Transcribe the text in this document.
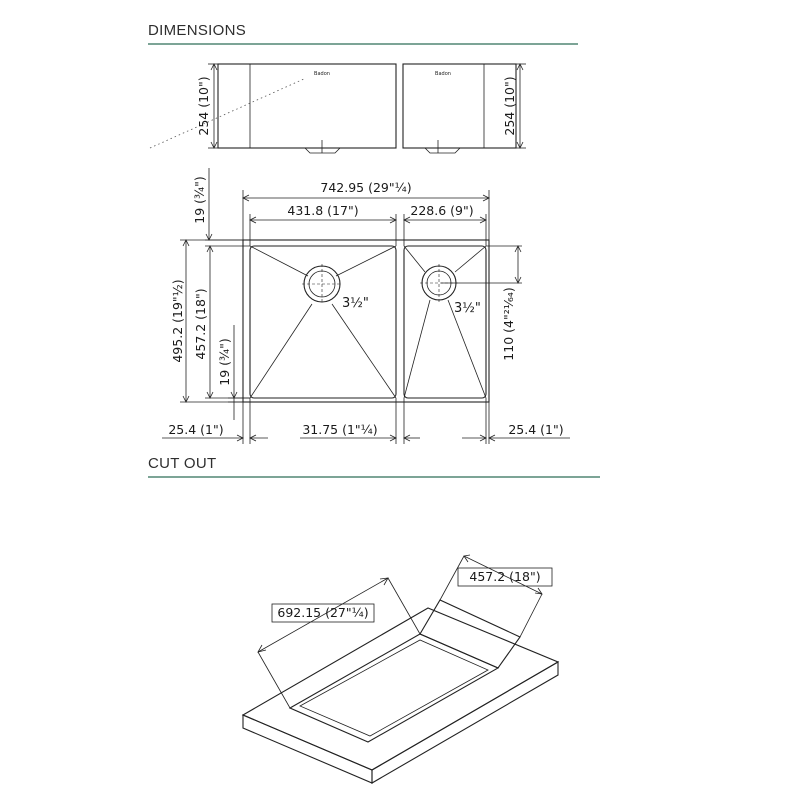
DIMENSIONS
CUT OUT
Badon	Badon
254 (10")	254 (10")
3½"	3½"
742.95 (29"¼)
431.8 (17")	228.6 (9")
19 (¾")
495.2 (19"½) 457.2 (18")
19 (¾")
110 (4"²¹⁄₆₄)
25.4 (1")	31.75 (1"¼)	25.4 (1")
692.15 (27"¼)
457.2 (18")
